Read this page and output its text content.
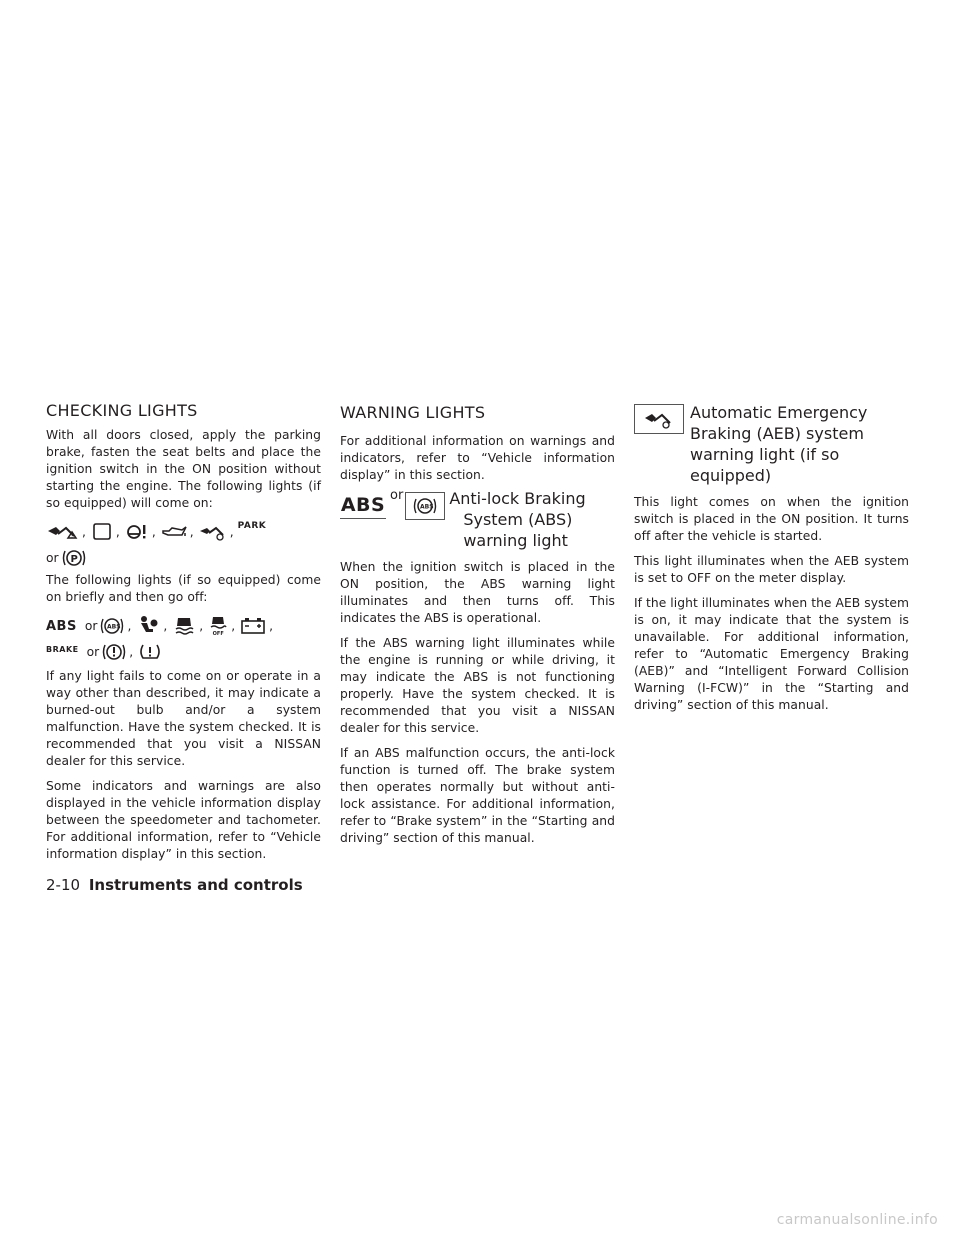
CHECKING LIGHTS

With all doors closed, apply the parking brake, fasten the seat belts and place the ignition switch in the ON position without starting the engine. The following lights (if so equipped) will come on:

! , ,	,	,	, PARK
or P

The following lights (if so equipped) come on briefly and then go off:

ABS or ABS ,	,	,
OFF
,	,
BRAKE or ,

If any light fails to come on or operate in a way other than described, it may indicate a burned-out bulb and/or a system malfunction. Have the system checked. It is recommended that you visit a NISSAN dealer for this service.

Some indicators and warnings are also displayed in the vehicle information display between the speedometer and tachometer. For additional information, refer to “Vehicle information display” in this section.

WARNING LIGHTS

For additional information on warnings and indicators, refer to “Vehicle information display” in this section.

ABS or
ABS Anti-lock Braking
System (ABS)
warning light

When the ignition switch is placed in the ON position, the ABS warning light illuminates and then turns off. This indicates the ABS is operational.

If the ABS warning light illuminates while the engine is running or while driving, it may indicate the ABS is not functioning properly. Have the system checked. It is recommended that you visit a NISSAN dealer for this service.

If an ABS malfunction occurs, the anti-lock function is turned off. The brake system then operates normally but without anti-lock assistance. For additional information, refer to “Brake system” in the “Starting and driving” section of this manual.

Automatic Emergency
Braking (AEB) system
warning light (if so
equipped)

This light comes on when the ignition switch is placed in the ON position. It turns off after the vehicle is started.

This light illuminates when the AEB system is set to OFF on the meter display.

If the light illuminates when the AEB system is on, it may indicate that the system is unavailable. For additional information, refer to “Automatic Emergency Braking (AEB)” and “Intelligent Forward Collision Warning (I-FCW)” in the “Starting and driving” section of this manual.

2-10 Instruments and controls
carmanualsonline.info
